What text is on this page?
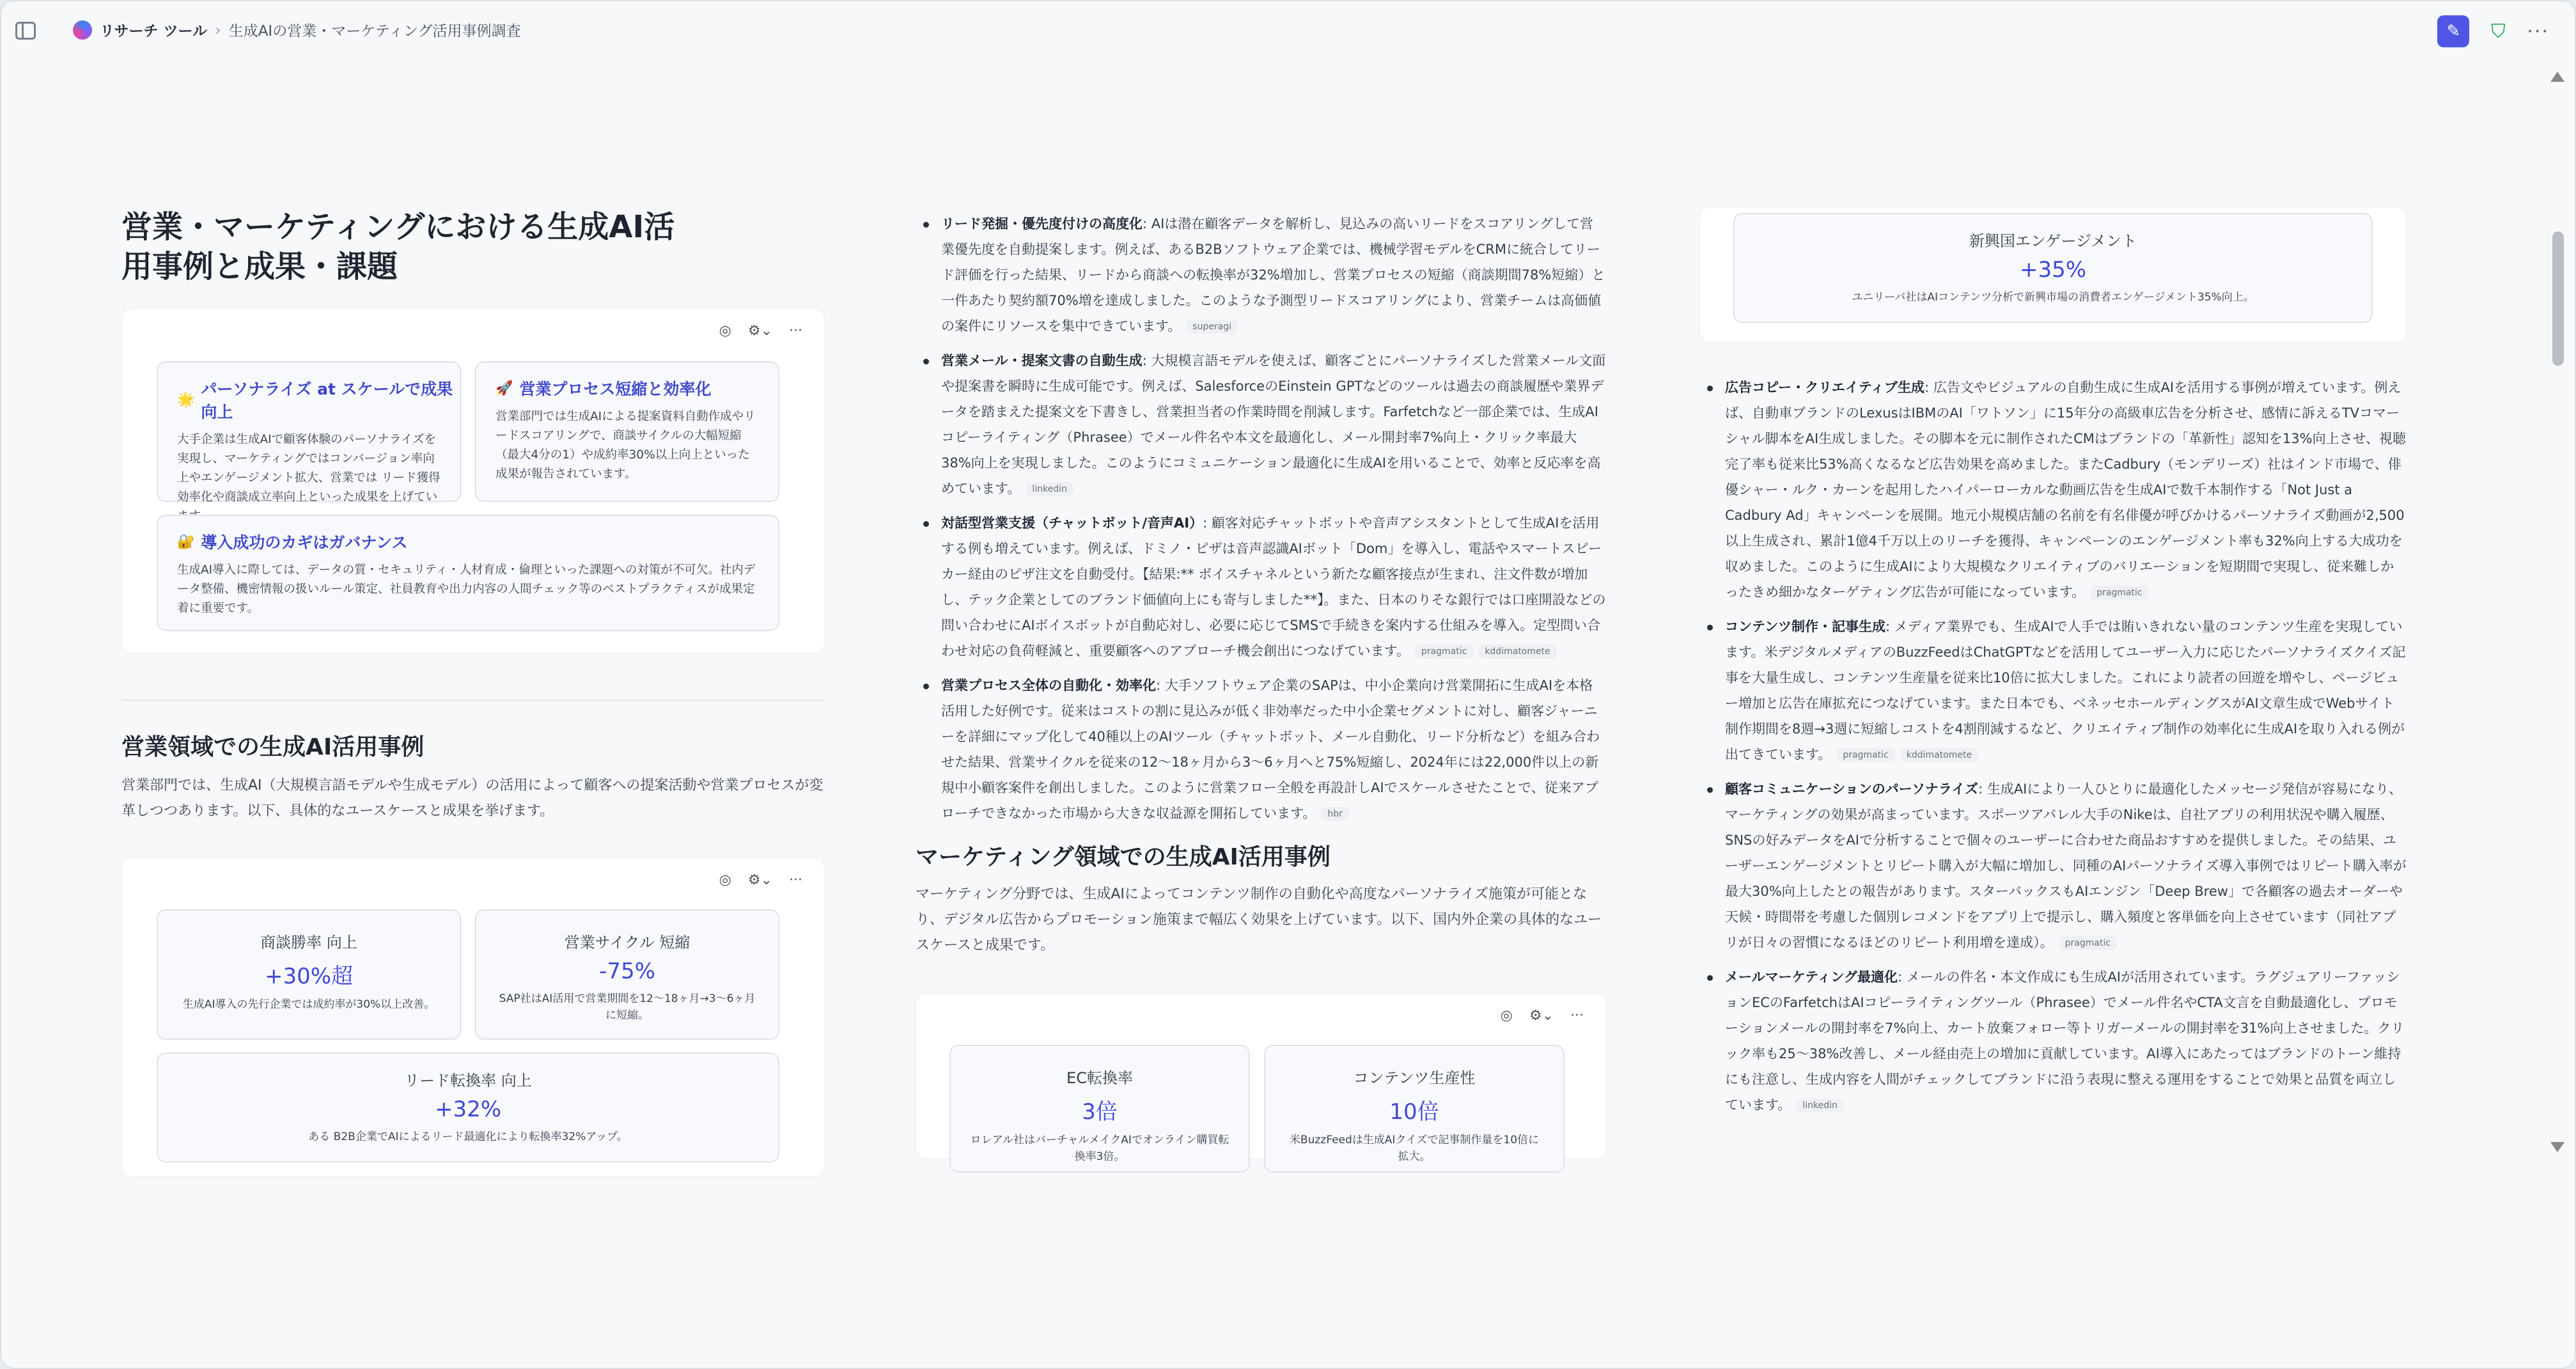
リサーチ ツール › 生成AIの営業・マーケティング活用事例調査	✎	⛉ ···
営業・マーケティングにおける生成AI活用事例と成果・課題
◎ ⚙⌄ ···
🌟
パーソナライズ at スケールで成果向上

大手企業は生成AIで顧客体験のパーソナライズを実現し、マーケティングではコンバージョン率向上やエンゲージメント拡大、営業では リード獲得効率化や商談成立率向上といった成果を上げてい

🚀 営業プロセス短縮と効率化

営業部門では生成AIによる提案資料自動作成やリードスコアリングで、商談サイクルの大幅短縮（最大4分の1）や成約率30%以上向上といった成果が報告されています。

🔐 導入成功のカギはガバナンス

生成AI導入に際しては、データの質・セキュリティ・人材育成・倫理といった課題への対策が不可欠。社内データ整備、機密情報の扱いルール策定、社員教育や出力内容の人間チェック等のベストプラクティスが成果定着に重要です。

営業領域での生成AI活用事例

営業部門では、生成AI（大規模言語モデルや生成モデル）の活用によって顧客への提案活動や営業プロセスが変革しつつあります。以下、具体的なユースケースと成果を挙げます。

◎ ⚙⌄ ···
商談勝率 向上
+30%超
生成AI導入の先行企業では成約率が30%以上改善。
営業サイクル 短縮
-75%
SAP社はAI活用で営業期間を12〜18ヶ月→3〜6ヶ月に短縮。
リード転換率 向上
+32%
ある B2B企業でAIによるリード最適化により転換率32%アップ。
リード発掘・優先度付けの高度化: AIは潜在顧客データを解析し、見込みの高いリードをスコアリングして営業優先度を自動提案します。例えば、あるB2Bソフトウェア企業では、機械学習モデルをCRMに統合してリード評価を行った結果、リードから商談への転換率が32%増加し、営業プロセスの短縮（商談期間78%短縮）と一件あたり契約額70%増を達成しました。このような予測型リードスコアリングにより、営業チームは高価値の案件にリソースを集中できています。 superagi
営業メール・提案文書の自動生成: 大規模言語モデルを使えば、顧客ごとにパーソナライズした営業メール文面や提案書を瞬時に生成可能です。例えば、SalesforceのEinstein GPTなどのツールは過去の商談履歴や業界データを踏まえた提案文を下書きし、営業担当者の作業時間を削減します。Farfetchなど一部企業では、生成AIコピーライティング（Phrasee）でメール件名や本文を最適化し、メール開封率7%向上・クリック率最大38%向上を実現しました。このようにコミュニケーション最適化に生成AIを用いることで、効率と反応率を高めています。 linkedin
対話型営業支援（チャットボット/音声AI）: 顧客対応チャットボットや音声アシスタントとして生成AIを活用する例も増えています。例えば、ドミノ・ピザは音声認識AIボット「Dom」を導入し、電話やスマートスピーカー経由のピザ注文を自動受付。【結果:** ボイスチャネルという新たな顧客接点が生まれ、注文件数が増加し、テック企業としてのブランド価値向上にも寄与しました**】。また、日本のりそな銀行では口座開設などの問い合わせにAIボイスボットが自動応対し、必要に応じてSMSで手続きを案内する仕組みを導入。定型問い合わせ対応の負荷軽減と、重要顧客へのアプローチ機会創出につなげています。 pragmatic kddimatomete
営業プロセス全体の自動化・効率化: 大手ソフトウェア企業のSAPは、中小企業向け営業開拓に生成AIを本格活用した好例です。従来はコストの割に見込みが低く非効率だった中小企業セグメントに対し、顧客ジャーニーを詳細にマップ化して40種以上のAIツール（チャットボット、メール自動化、リード分析など）を組み合わせた結果、営業サイクルを従来の12〜18ヶ月から3〜6ヶ月へと75%短縮し、2024年には22,000件以上の新規中小顧客案件を創出しました。このように営業フロー全般を再設計しAIでスケールさせたことで、従来アプローチできなかった市場から大きな収益源を開拓しています。 hbr
マーケティング領域での生成AI活用事例

マーケティング分野では、生成AIによってコンテンツ制作の自動化や高度なパーソナライズ施策が可能となり、デジタル広告からプロモーション施策まで幅広く効果を上げています。以下、国内外企業の具体的なユースケースと成果です。

◎ ⚙⌄ ···
EC転換率
3倍
ロレアル社はバーチャルメイクAIでオンライン購買転換率3倍。
コンテンツ生産性
10倍
米BuzzFeedは生成AIクイズで記事制作量を10倍に拡大。
新興国エンゲージメント
+35%
ユニリーバ社はAIコンテンツ分析で新興市場の消費者エンゲージメント35%向上。
広告コピー・クリエイティブ生成: 広告文やビジュアルの自動生成に生成AIを活用する事例が増えています。例えば、自動車ブランドのLexusはIBMのAI「ワトソン」に15年分の高級車広告を分析させ、感情に訴えるTVコマーシャル脚本をAI生成しました。その脚本を元に制作されたCMはブランドの「革新性」認知を13%向上させ、視聴完了率も従来比53%高くなるなど広告効果を高めました。またCadbury（モンデリーズ）社はインド市場で、俳優シャー・ルク・カーンを起用したハイパーローカルな動画広告を生成AIで数千本制作する「Not Just a Cadbury Ad」キャンペーンを展開。地元小規模店舗の名前を有名俳優が呼びかけるパーソナライズ動画が2,500以上生成され、累計1億4千万以上のリーチを獲得、キャンペーンのエンゲージメント率も32%向上する大成功を収めました。このように生成AIにより大規模なクリエイティブのバリエーションを短期間で実現し、従来難しかったきめ細かなターゲティング広告が可能になっています。 pragmatic
コンテンツ制作・記事生成: メディア業界でも、生成AIで人手では賄いきれない量のコンテンツ生産を実現しています。米デジタルメディアのBuzzFeedはChatGPTなどを活用してユーザー入力に応じたパーソナライズクイズ記事を大量生成し、コンテンツ生産量を従来比10倍に拡大しました。これにより読者の回遊を増やし、ページビュー増加と広告在庫拡充につなげています。また日本でも、ベネッセホールディングスがAI文章生成でWebサイト制作期間を8週→3週に短縮しコストを4割削減するなど、クリエイティブ制作の効率化に生成AIを取り入れる例が出てきています。 pragmatic kddimatomete
顧客コミュニケーションのパーソナライズ: 生成AIにより一人ひとりに最適化したメッセージ発信が容易になり、マーケティングの効果が高まっています。スポーツアパレル大手のNikeは、自社アプリの利用状況や購入履歴、SNSの好みデータをAIで分析することで個々のユーザーに合わせた商品おすすめを提供しました。その結果、ユーザーエンゲージメントとリピート購入が大幅に増加し、同種のAIパーソナライズ導入事例ではリピート購入率が最大30%向上したとの報告があります。スターバックスもAIエンジン「Deep Brew」で各顧客の過去オーダーや天候・時間帯を考慮した個別レコメンドをアプリ上で提示し、購入頻度と客単価を向上させています（同社アプリが日々の習慣になるほどのリピート利用増を達成）。 pragmatic
メールマーケティング最適化: メールの件名・本文作成にも生成AIが活用されています。ラグジュアリーファッションECのFarfetchはAIコピーライティングツール（Phrasee）でメール件名やCTA文言を自動最適化し、プロモーションメールの開封率を7%向上、カート放棄フォロー等トリガーメールの開封率を31%向上させました。クリック率も25〜38%改善し、メール経由売上の増加に貢献しています。AI導入にあたってはブランドのトーン維持にも注意し、生成内容を人間がチェックしてブランドに沿う表現に整える運用をすることで効果と品質を両立しています。 linkedin
